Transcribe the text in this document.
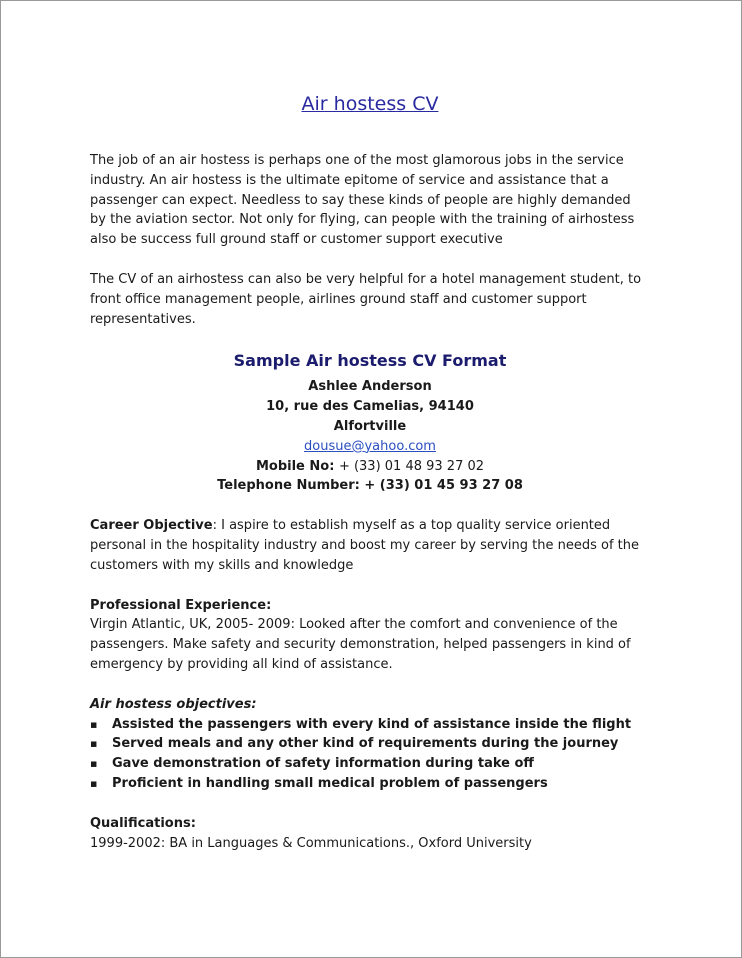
Air hostess CV

The job of an air hostess is perhaps one of the most glamorous jobs in the service industry. An air hostess is the ultimate epitome of service and assistance that a passenger can expect. Needless to say these kinds of people are highly demanded by the aviation sector. Not only for flying, can people with the training of airhostess also be success full ground staff or customer support executive

The CV of an airhostess can also be very helpful for a hotel management student, to front office management people, airlines ground staff and customer support representatives.

Sample Air hostess CV Format
Ashlee Anderson
10, rue des Camelias, 94140
Alfortville
dousue@yahoo.com
Mobile No: + (33) 01 48 93 27 02
Telephone Number: + (33) 01 45 93 27 08

Career Objective: I aspire to establish myself as a top quality service oriented personal in the hospitality industry and boost my career by serving the needs of the customers with my skills and knowledge

Professional Experience:

Virgin Atlantic, UK, 2005- 2009: Looked after the comfort and convenience of the passengers. Make safety and security demonstration, helped passengers in kind of emergency by providing all kind of assistance.

Air hostess objectives:

▪ Assisted the passengers with every kind of assistance inside the flight
▪ Served meals and any other kind of requirements during the journey
▪ Gave demonstration of safety information during take off
▪ Proficient in handling small medical problem of passengers

Qualifications:

1999-2002: BA in Languages & Communications., Oxford University
